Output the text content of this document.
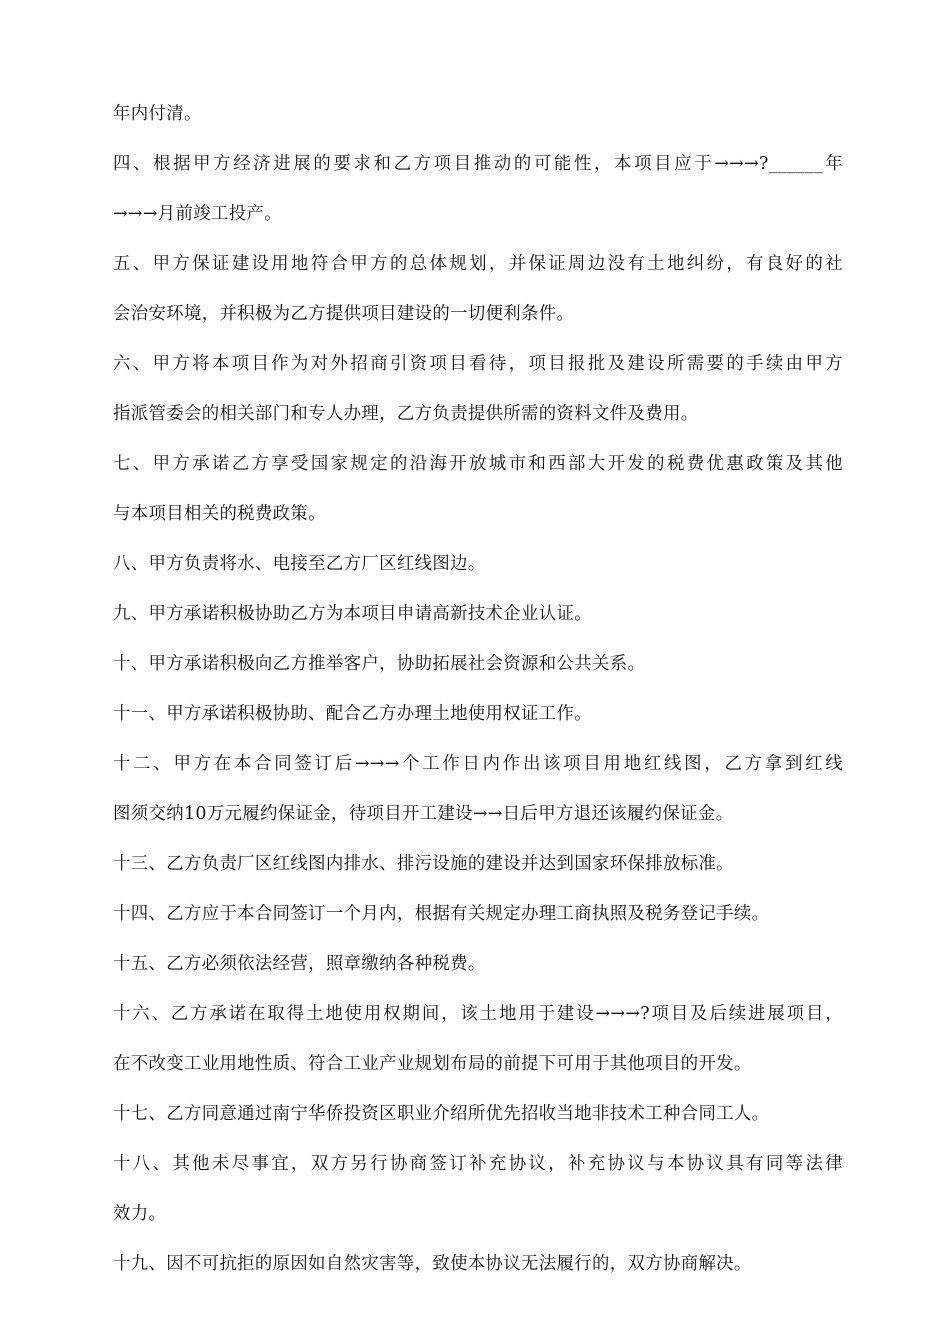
年内付清。
四、根据甲方经济进展的要求和乙方项目推动的可能性，本项目应于→→→?______年
→→→月前竣工投产。
五、甲方保证建设用地符合甲方的总体规划，并保证周边没有土地纠纷，有良好的社
会治安环境，并积极为乙方提供项目建设的一切便利条件。
六、甲方将本项目作为对外招商引资项目看待，项目报批及建设所需要的手续由甲方
指派管委会的相关部门和专人办理，乙方负责提供所需的资料文件及费用。
七、甲方承诺乙方享受国家规定的沿海开放城市和西部大开发的税费优惠政策及其他
与本项目相关的税费政策。
八、甲方负责将水、电接至乙方厂区红线图边。
九、甲方承诺积极协助乙方为本项目申请高新技术企业认证。
十、甲方承诺积极向乙方推举客户，协助拓展社会资源和公共关系。
十一、甲方承诺积极协助、配合乙方办理土地使用权证工作。
十二、甲方在本合同签订后→→→个工作日内作出该项目用地红线图，乙方拿到红线
图须交纳10万元履约保证金，待项目开工建设→→日后甲方退还该履约保证金。
十三、乙方负责厂区红线图内排水、排污设施的建设并达到国家环保排放标准。
十四、乙方应于本合同签订一个月内，根据有关规定办理工商执照及税务登记手续。
十五、乙方必须依法经营，照章缴纳各种税费。
十六、乙方承诺在取得土地使用权期间，该土地用于建设→→→?项目及后续进展项目，
在不改变工业用地性质、符合工业产业规划布局的前提下可用于其他项目的开发。
十七、乙方同意通过南宁华侨投资区职业介绍所优先招收当地非技术工种合同工人。
十八、其他未尽事宜，双方另行协商签订补充协议，补充协议与本协议具有同等法律
效力。
十九、因不可抗拒的原因如自然灾害等，致使本协议无法履行的，双方协商解决。
